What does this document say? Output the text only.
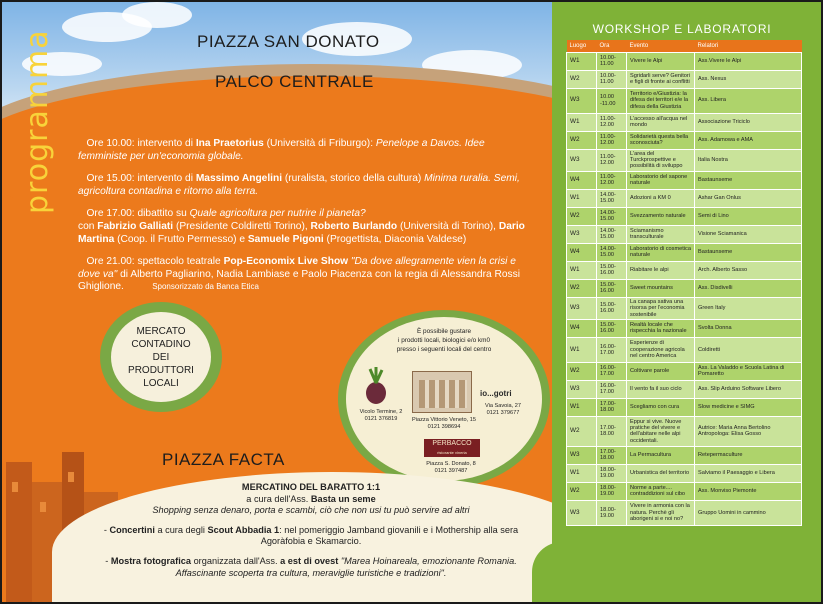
programma	PIAZZA SAN DONATO
PALCO CENTRALE

Ore 10.00: intervento di Ina Praetorius (Università di Friburgo): Penelope a Davos. Idee femministe per un'economia globale.

Ore 15.00: intervento di Massimo Angelini (ruralista, storico della cultura) Minima ruralia. Semi, agricoltura contadina e ritorno alla terra.

Ore 17.00: dibattito su Quale agricoltura per nutrire il pianeta?
con Fabrizio Galliati (Presidente Coldiretti Torino), Roberto Burlando (Università di Torino), Dario Martina (Coop. il Frutto Permesso) e Samuele Pigoni (Progettista, Diaconia Valdese)

Ore 21.00: spettacolo teatrale Pop-Economix Live Show "Da dove allegramente vien la crisi e dove va" di Alberto Pagliarino, Nadia Lambiase e Paolo Piacenza con la regia di Alessandra Rossi Ghiglione.	Sponsorizzato da Banca Etica

MERCATO CONTADINO
DEI
PRODUTTORI
LOCALI
È possibile gustare
i prodotti locali, biologici e/o km0
presso i seguenti locali del centro
Vicolo Termine, 2
0121 376819	Piazza Vittorio Veneto, 15
0121 398694
io...gotri
Via Savoia, 27
0121 379677
PERBACCO
ristorante vineria
Piazza S. Donato, 8
0121 397487
PIAZZA FACTA

MERCATINO DEL BARATTO 1:1
a cura dell'Ass. Basta un seme
Shopping senza denaro, porta e scambi, ciò che non usi tu può servire ad altri

- Concertini a cura degli Scout Abbadia 1: nel pomeriggio Jamband giovanili e i Mothership alla sera Agoràfobia e Skamarcio.

- Mostra fotografica organizzata dall'Ass. a est di ovest "Marea Hoinareala, emozionante Romania. Affascinante scoperta tra cultura, meraviglie turistiche e tradizioni".

WORKSHOP E LABORATORI
Luogo	Ora	Evento	Relatori
W1	10.00-11.00	Vivere le Alpi	Ass.Vivere le Alpi
W2	10.00-11.00	Sgridarli serve? Genitori e figli di fronte ai conflitti	Ass. Nexus
W3	10.00 -11.00	Territorio e/Giustizia: la difesa dei territori e/e la difesa della Giustizia	Ass. Libera
W1	11.00-12.00	L'accesso all'acqua nel mondo	Associazione Triciclo
W2	11.00-12.00	Solidarietà questa bella sconosciuta?	Ass. Adamowa e AMA
W3	11.00-12.00	L'area del Turckprospettive e possibilità di sviluppo	Italia Nostra
W4	11.00-12.00	Laboratorio del sapone naturale	Bastaunseme
W1	14.00-15.00	Adozioni a KM 0	Ashar Gan Onlus
W2	14.00-15.00	Svezzamento naturale	Semi di Lino
W3	14.00-15.00	Sciamanismo transculturale	Visione Sciamanica
W4	14.00-15.00	Laboratorio di cosmetica naturale	Bastaunseme
W1	15.00-16.00	Riabitare le alpi	Arch. Alberto Sasso
W2	15.00-16.00	Sweet mountains	Ass. Disdivelli
W3	15.00-16.00	La canapa sativa una risorsa per l'economia sostenibile	Green Italy
W4	15.00-16.00	Realtà locale che rispecchia la nazionale	Svolta Donna
W1	16.00-17.00	Esperienze di cooperazione agricola nel centro America	Coldiretti
W2	16.00-17.00	Coltivare parole	Ass. La Valaddo e Scuola Latina di Pomaretto
W3	16.00-17.00	Il vento fa il suo ciclo	Ass. Slip Arduino Software Libero
W1	17.00-18.00	Scegliamo con cura	Slow medicine e SIMG
W2	17.00-18.00	Eppur si vive. Nuove pratiche del vivere e dell'abitare nelle alpi occidentali.	Autrice: Maria Anna Bertolino Antropologa: Elisa Gosso
W3	17.00-18.00	La Permacultura	Retepermaculture
W1	18.00-19.00	Urbanistica del territorio	Salviamo il Paesaggio e Libera
W2	18.00-19.00	Norme a parte.... contraddizioni sul cibo	Ass. Monviso Piemonte
W3	18.00-19.00	Vivere in armonia con la natura. Perchè gli aborigeni si e noi no?	Gruppo Uomini in cammino
